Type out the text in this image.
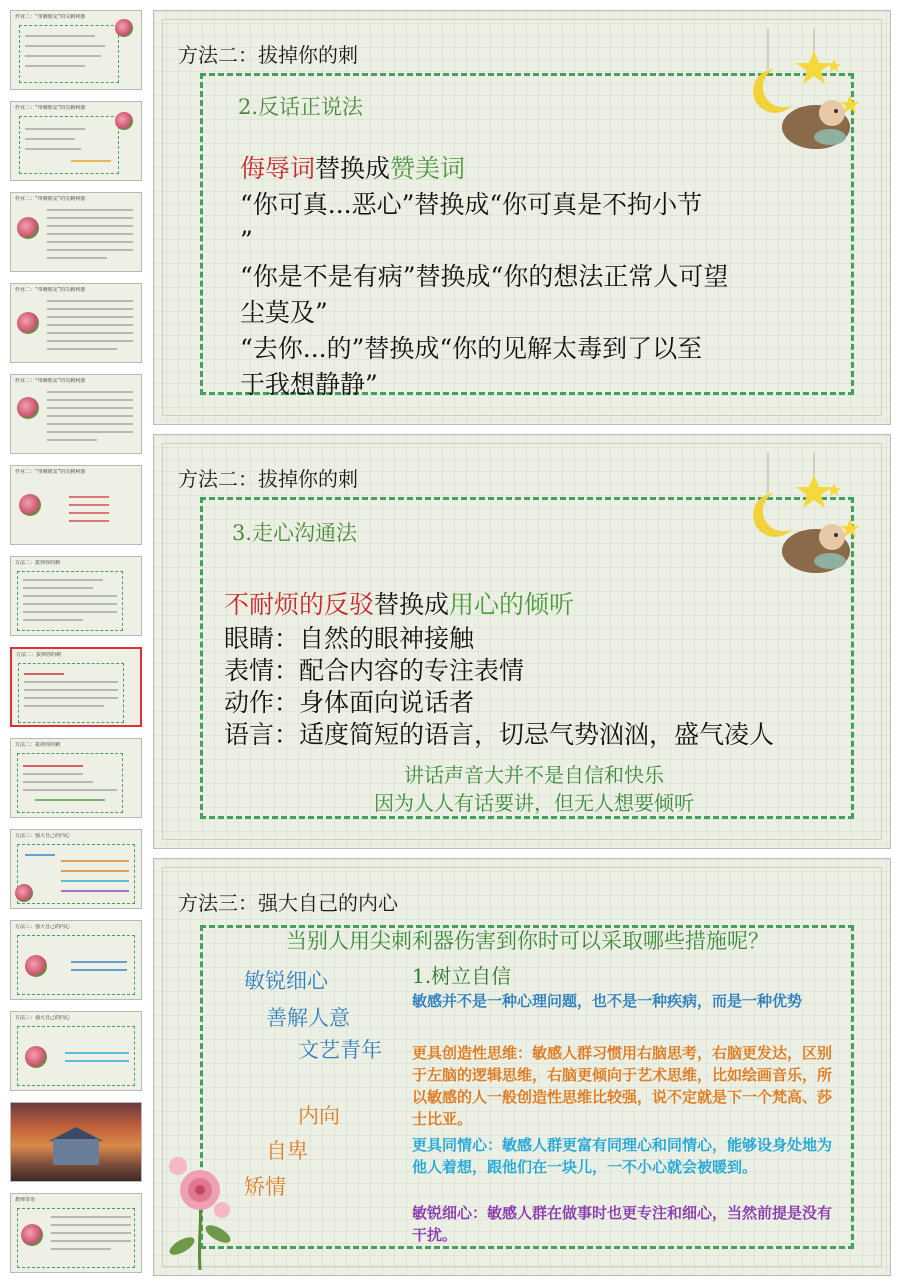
作业二：“带刺朋友”的尖刺利器
作业二：“带刺朋友”的尖刺利器
作业二：“带刺朋友”的尖刺利器
作业二：“带刺朋友”的尖刺利器
作业二：“带刺朋友”的尖刺利器
作业二：“带刺朋友”的尖刺利器
方法二：拔掉你的刺
方法二：拔掉你的刺
方法二：拔掉你的刺
方法三：强大自己的内心
方法三：强大自己的内心
方法三：强大自己的内心
教师寄语
方法二：拔掉你的刺
2.反话正说法
侮辱词替换成赞美词
“你可真...恶心”替换成“你可真是不拘小节
”
“你是不是有病”替换成“你的想法正常人可望
尘莫及”
“去你...的”替换成“你的见解太毒到了以至
于我想静静”
方法二：拔掉你的刺
3.走心沟通法
不耐烦的反驳替换成用心的倾听
眼睛：自然的眼神接触
表情：配合内容的专注表情
动作：身体面向说话者
语言：适度简短的语言，切忌气势汹汹，盛气凌人
讲话声音大并不是自信和快乐
因为人人有话要讲，但无人想要倾听
方法三：强大自己的内心
当别人用尖刺利器伤害到你时可以采取哪些措施呢？
敏锐细心
善解人意
文艺青年
内向
自卑
矫情
1.树立自信
敏感并不是一种心理问题，也不是一种疾病，而是一种优势
更具创造性思维：敏感人群习惯用右脑思考，右脑更发达，区别于左脑的逻辑思维，右脑更倾向于艺术思维，比如绘画音乐，所以敏感的人一般创造性思维比较强，说不定就是下一个梵高、莎士比亚。
更具同情心：敏感人群更富有同理心和同情心，能够设身处地为他人着想，跟他们在一块儿，一不小心就会被暖到。
敏锐细心：敏感人群在做事时也更专注和细心，当然前提是没有干扰。
